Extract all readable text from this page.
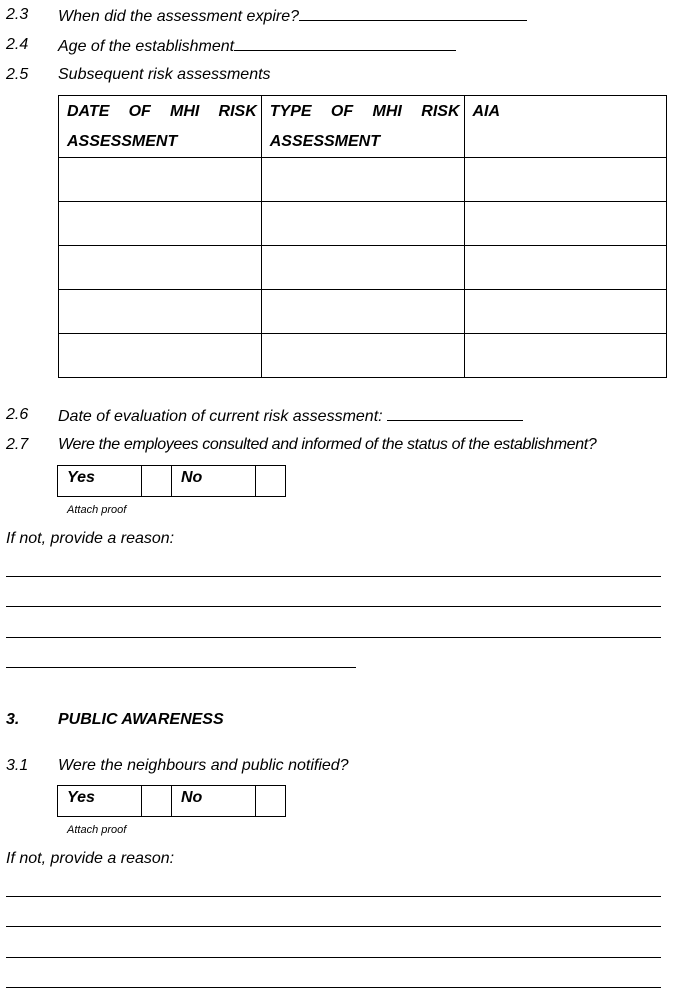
2.3 When did the assessment expire?
2.4 Age of the establishment
2.5 Subsequent risk assessments
DATE OF MHI RISK ASSESSMENT	TYPE OF MHI RISK ASSESSMENT	AIA

2.6 Date of evaluation of current risk assessment:
2.7 Were the employees consulted and informed of the status of the establishment?
Yes	No
Attach proof
If not, provide a reason:
3. PUBLIC AWARENESS
3.1 Were the neighbours and public notified?
Yes	No
Attach proof
If not, provide a reason:
